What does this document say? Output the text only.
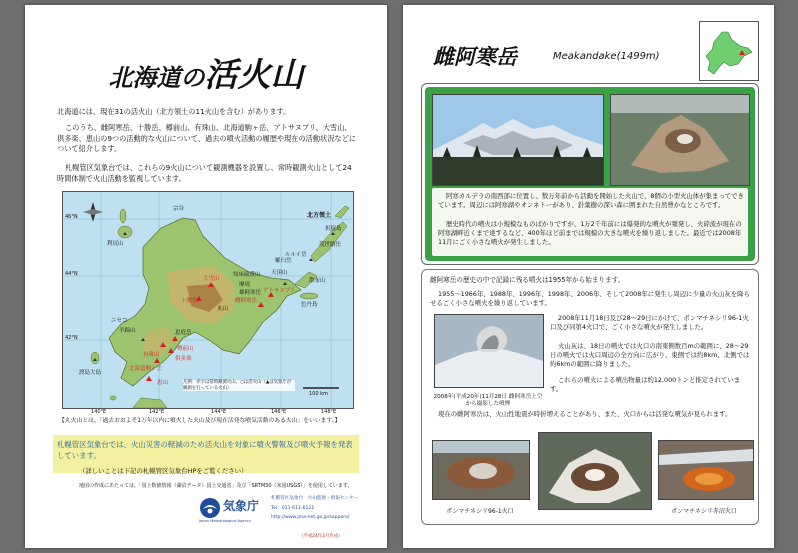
北海道の活火山

北海道には、現在31の活火山（北方領土の11火山を含む）があります。

このうち、雌阿寒岳、十勝岳、樽前山、有珠山、北海道駒ヶ岳、アトサヌプリ、大雪山、倶多楽、恵山の9つの活動的な火山について、過去の噴火活動の履歴や現在の活動状況などについて紹介します。

札幌管区気象台では、これらの9火山について観測機器を設置し、常時観測火山として24時間体制で火山活動を監視しています。

46°N
44°N
42°N
宗谷
利尻山
北方領土
羅臼岳
知床硫黄山
摩周
雄阿寒岳
雌阿寒岳
アトサヌプリ
大雪山
十勝岳
丸山
ニセコ
羊蹄山
樽前山
有珠山
倶多楽
北海道駒ヶ岳
恵山
渡島大島
恵庭岳
天頂山
ルルイ岳
色丹島
散布山
茂世路岳
択捉島
凡例：赤字は常時観測火山、○は活火山（▲は気象庁が観測を行っている火山）
100 km
140°E	142°E	144°E	146°E	148°E

【丸火山とは、「過去おおよそ1万年以内に噴火した火山及び現在活発な噴気活動のある火山」をいいます。】

札幌管区気象台では、火山災害の軽減のため活火山を対象に噴火警報及び噴火予報を発表しています。

（詳しいことは下記の札幌管区気象台HPをご覧ください）

地図の作成にあたっては、「国土数値情報（湖沼データ）国土交通省」及び「SRTM30（米国USGS）」を使用しています。

気象庁
Japan Meteorological Agency

札幌管区気象台　火山監視・情報センター

Tel：011-611-6121

http://www.jma-net.go.jp/sapporo/

（平成24年3月作成）
雌阿寒岳	Meakandake(1499m)

阿寒カルデラの南西部に位置し、数万年前から活動を開始した火山で、8個の小型火山体が集まってできています。周辺には阿寒湖やオンネトーがあり、針葉樹の深い森に囲まれた自然豊かなところです。

歴史時代の噴火は小規模なものばかりですが、1万2千年前には爆発的な噴火が頻発し、火砕流が現在の阿寒湖畔近くまで達するなど、400年ほど前までは規模の大きな噴火を繰り返しました。最近では2008年11月にごく小さな噴火が発生しました。

雌阿寒岳の歴史の中で記録に残る噴火は1955年から始まります。

1955～1966年、1988年、1996年、1998年、2006年、そして2008年に発生し周辺に少量の火山灰を降らせるごく小さな噴火を繰り返しています。

2008年(平成20年)11月28日 雌阿寒岳上空から撮影した噴煙

2008年11月18日及び28～29日にかけて、ポンマチネシリ96-1火口及び同第4火口で、ごく小さな噴火が発生しました。

火山灰は、18日の噴火では火口の南東側数百mの範囲に、28～29日の噴火では火口周辺の全方向に広がり、東側では約8km、北側では約6kmの範囲に降りました。

これらの噴火による噴出物量は約12,000トンと推定されています。

現在の雌阿寒岳は、火山性地震が時折増えることがあり、また、火口からは活発な噴気が見られます。

ポンマチネシリ96-1火口	ポンマチネシリ赤沼火口
